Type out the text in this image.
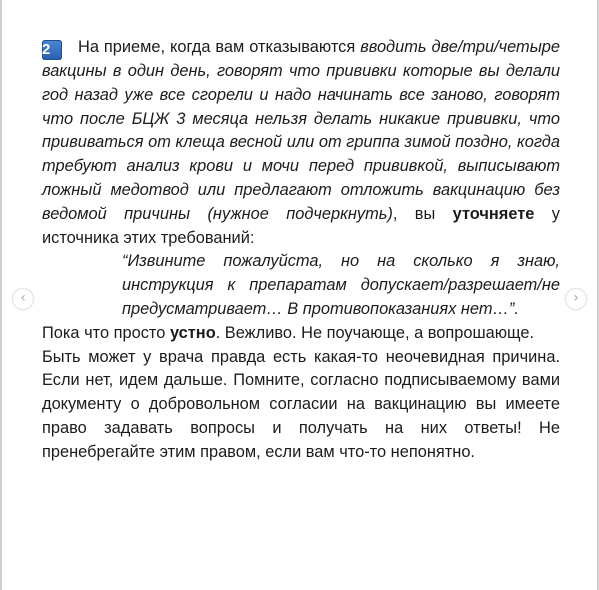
2 На приеме, когда вам отказываются вводить две/три/четыре вакцины в один день, говорят что прививки которые вы делали год назад уже все сгорели и надо начинать все заново, говорят что после БЦЖ 3 месяца нельзя делать никакие прививки, что прививаться от клеща весной или от гриппа зимой поздно, когда требуют анализ крови и мочи перед прививкой, выписывают ложный медотвод или предлагают отложить вакцинацию без ведомой причины (нужное подчеркнуть), вы уточняете у источника этих требований:

“Извините пожалуйста, но на сколько я знаю, инструкция к препаратам допускает/разрешает/не предусматривает… В противопоказаниях нет…”.

Пока что просто устно. Вежливо. Не поучающе, а вопрошающе.

Быть может у врача правда есть какая-то неочевидная причина. Если нет, идем дальше. Помните, согласно подписываемому вами документу о добровольном согласии на вакцинацию вы имеете право задавать вопросы и получать на них ответы! Не пренебрегайте этим правом, если вам что-то непонятно.

‹	›
